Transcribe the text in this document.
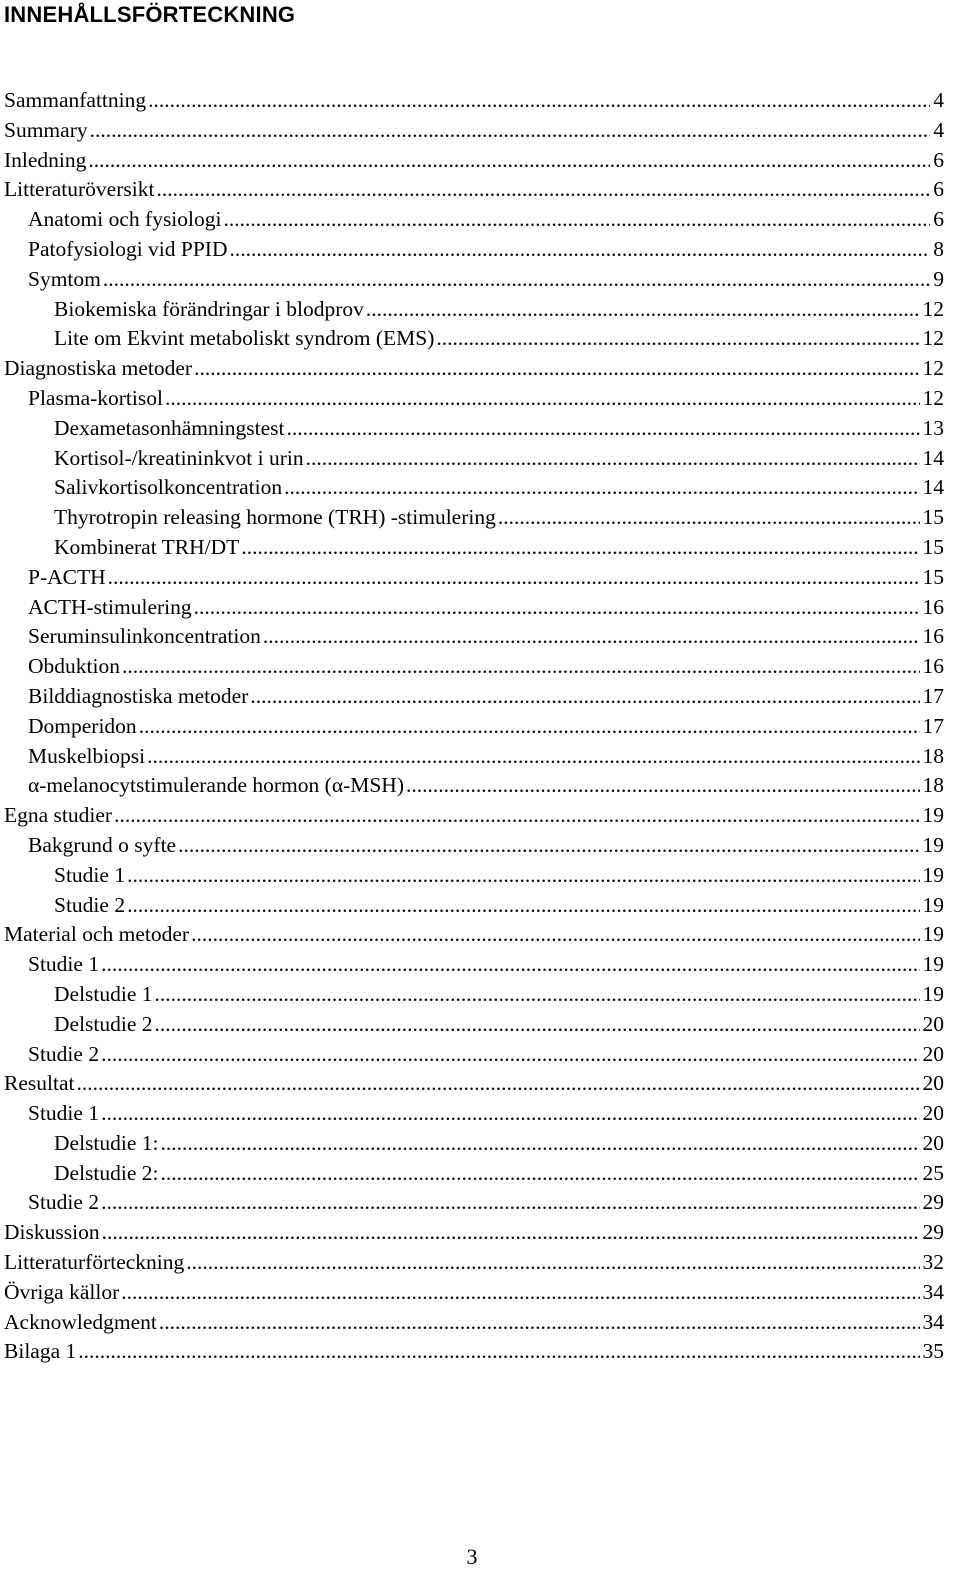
INNEHÅLLSFÖRTECKNING
Sammanfattning .....	4
Summary .....	4
Inledning .....	6
Litteraturöversikt .....	6
Anatomi och fysiologi .....	6
Patofysiologi vid PPID .....	8
Symtom .....	9
Biokemiska förändringar i blodprov .....	12
Lite om Ekvint metaboliskt syndrom (EMS) .....	12
Diagnostiska metoder .....	12
Plasma-kortisol .....	12
Dexametasonhämningstest .....	13
Kortisol-/kreatininkvot i urin .....	14
Salivkortisolkoncentration .....	14
Thyrotropin releasing hormone (TRH) -stimulering .....	15
Kombinerat TRH/DT .....	15
P-ACTH .....	15
ACTH-stimulering .....	16
Seruminsulinkoncentration .....	16
Obduktion .....	16
Bilddiagnostiska metoder .....	17
Domperidon .....	17
Muskelbiopsi .....	18
α-melanocytstimulerande hormon (α-MSH) .....	18
Egna studier .....	19
Bakgrund o syfte .....	19
Studie 1 .....	19
Studie 2 .....	19
Material och metoder .....	19
Studie 1 .....	19
Delstudie 1 .....	19
Delstudie 2 .....	20
Studie 2 .....	20
Resultat .....	20
Studie 1 .....	20
Delstudie 1: .....	20
Delstudie 2: .....	25
Studie 2 .....	29
Diskussion .....	29
Litteraturförteckning .....	32
Övriga källor .....	34
Acknowledgment .....	34
Bilaga 1 .....	35
3
